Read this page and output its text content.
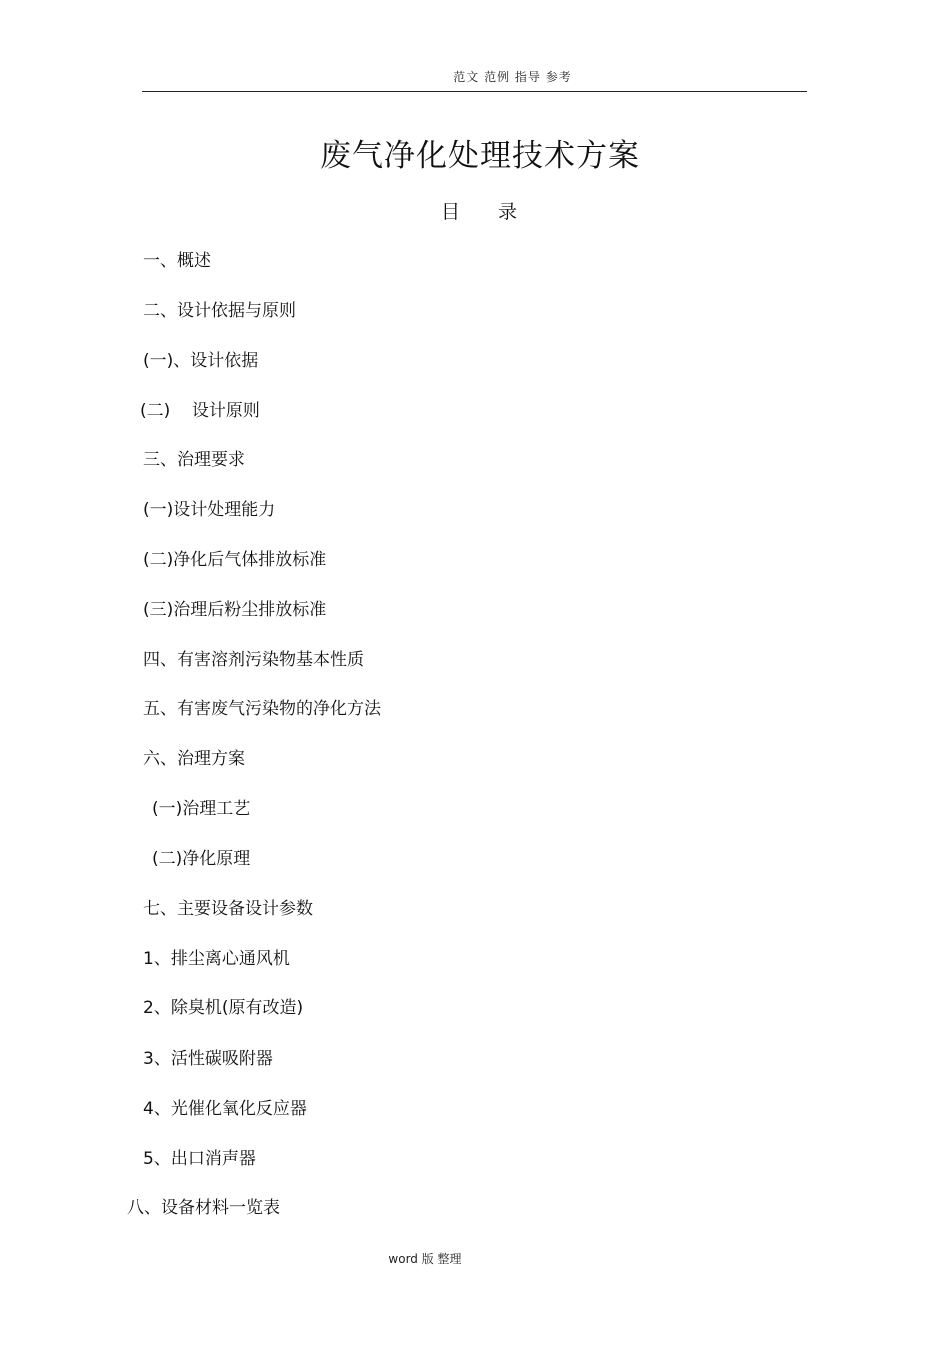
范文 范例 指导 参考
废气净化处理技术方案
目录
一、概述
二、设计依据与原则
(一)、设计依据
(二)    设计原则
三、治理要求
(一)设计处理能力
(二)净化后气体排放标准
(三)治理后粉尘排放标准
四、有害溶剂污染物基本性质
五、有害废气污染物的净化方法
六、治理方案
(一)治理工艺
(二)净化原理
七、主要设备设计参数
1、排尘离心通风机
2、除臭机(原有改造)
3、活性碳吸附器
4、光催化氧化反应器
5、出口消声器
八、设备材料一览表
word 版 整理
